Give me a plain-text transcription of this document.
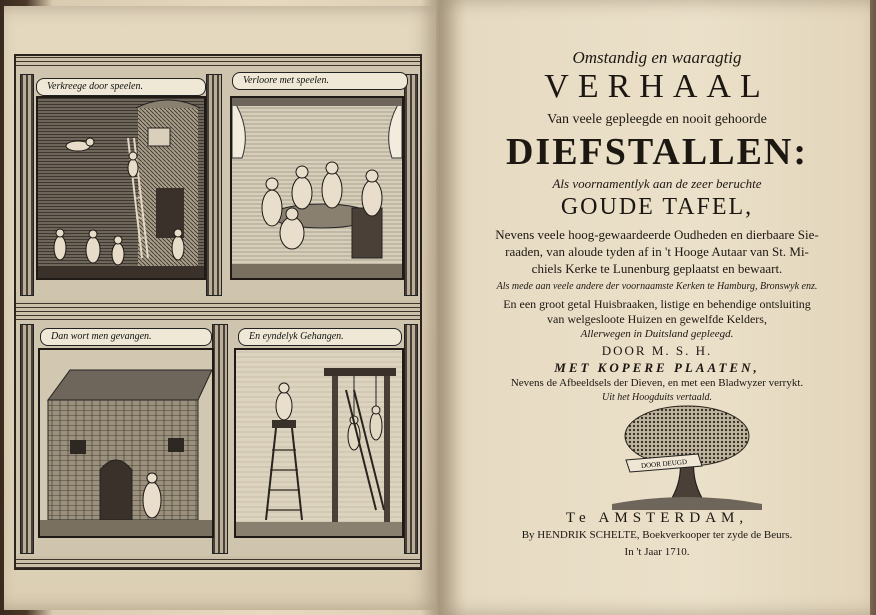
Verkreege door speelen.
Verloore met speelen.
Dan wort men gevangen.	En eyndelyk Gehangen.
Omstandig en waaragtig
VERHAAL
Van veele gepleegde en nooit gehoorde
DIEFSTALLEN:
Als voornamentlyk aan de zeer beruchte
GOUDE TAFEL,
Nevens veele hoog-gewaardeerde Oudheden en dierbaare Sie-
raaden, van aloude tyden af in 't Hooge Autaar van St. Mi-
chiels Kerke te Lunenburg geplaatst en bewaart.
Als mede aan veele andere der voornaamste Kerken te Hamburg, Bronswyk enz.
En een groot getal Huisbraaken, listige en behendige ontsluiting
van welgesloote Huizen en gewelfde Kelders,
Allerwegen in Duitsland gepleegd.
DOOR M. S. H.
MET KOPERE PLAATEN,
Nevens de Afbeeldsels der Dieven, en met een Bladwyzer verrykt.
Uit het Hoogduits vertaald.
Te AMSTERDAM,
By HENDRIK SCHELTE, Boekverkooper ter zyde de Beurs.
In 't Jaar 1710.
DOOR DEUGD
